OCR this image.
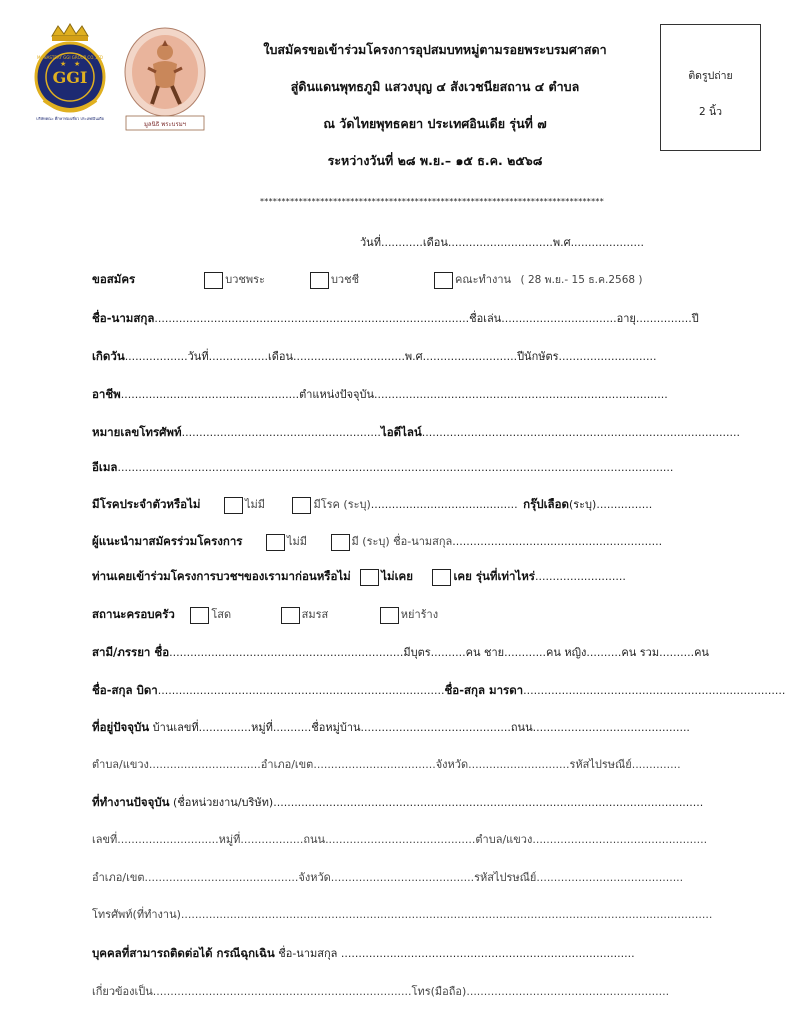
GGI
MONASTERY GGI GROUP CO.,LTD
★ ★
บริษัทคณะ ศึกษาท่องเที่ยว ประเทศอินเดีย
มูลนิธิ พระบรมฯ
ใบสมัครขอเข้าร่วมโครงการอุปสมบทหมู่ตามรอยพระบรมศาสดา
สู่ดินแดนพุทธภูมิ แสวงบุญ ๔ สังเวชนียสถาน ๔ ตำบล
ณ วัดไทยพุทธคยา ประเทศอินเดีย รุ่นที่ ๗
ระหว่างวันที่ ๒๘ พ.ย.– ๑๕ ธ.ค. ๒๕๖๘
ติดรูปถ่าย
2 นิ้ว
********************************************************************************
วันที่............เดือน..............................พ.ศ.....................
ขอสมัคร	บวชพระ	บวชชี	คณะทำงาน ( 28 พ.ย.- 15 ธ.ค.2568 )
ชื่อ-นามสกุล..........................................................................................ชื่อเล่น.................................อายุ................ปี
เกิดวัน..................วันที่.................เดือน................................พ.ศ...........................ปีนักษัตร............................
อาชีพ...................................................ตำแหน่งปัจจุบัน....................................................................................
หมายเลขโทรศัพท์.........................................................ไอดีไลน์...........................................................................................
อีเมล...............................................................................................................................................................
มีโรคประจำตัวหรือไม่	ไม่มี	มีโรค (ระบุ).......................................... กรุ๊ปเลือด(ระบุ)................
ผู้แนะนำมาสมัครร่วมโครงการ	ไม่มี	มี (ระบุ) ชื่อ-นามสกุล............................................................
ท่านเคยเข้าร่วมโครงการบวชฯของเรามาก่อนหรือไม่	ไม่เคย	เคย รุ่นที่เท่าไหร่..........................
สถานะครอบครัว	โสด	สมรส	หย่าร้าง
สามี/ภรรยา ชื่อ...................................................................มีบุตร..........คน ชาย............คน หญิง..........คน รวม..........คน
ชื่อ-สกุล บิดา..................................................................................ชื่อ-สกุล มารดา...........................................................................
ที่อยู่ปัจจุบัน บ้านเลขที่...............หมู่ที่...........ชื่อหมู่บ้าน...........................................ถนน.............................................
ตำบล/แขวง................................อำเภอ/เขต...................................จังหวัด.............................รหัสไปรษณีย์..............
ที่ทำงานปัจจุบัน (ชื่อหน่วยงาน/บริษัท)...........................................................................................................................
เลขที่.............................หมู่ที่..................ถนน...........................................ตำบล/แขวง..................................................
อำเภอ/เขต............................................จังหวัด.........................................รหัสไปรษณีย์..........................................
โทรศัพท์(ที่ทำงาน)........................................................................................................................................................
บุคคลที่สามารถติดต่อได้ กรณีฉุกเฉิน ชื่อ-นามสกุล ....................................................................................
เกี่ยวข้องเป็น..........................................................................โทร(มือถือ)..........................................................
